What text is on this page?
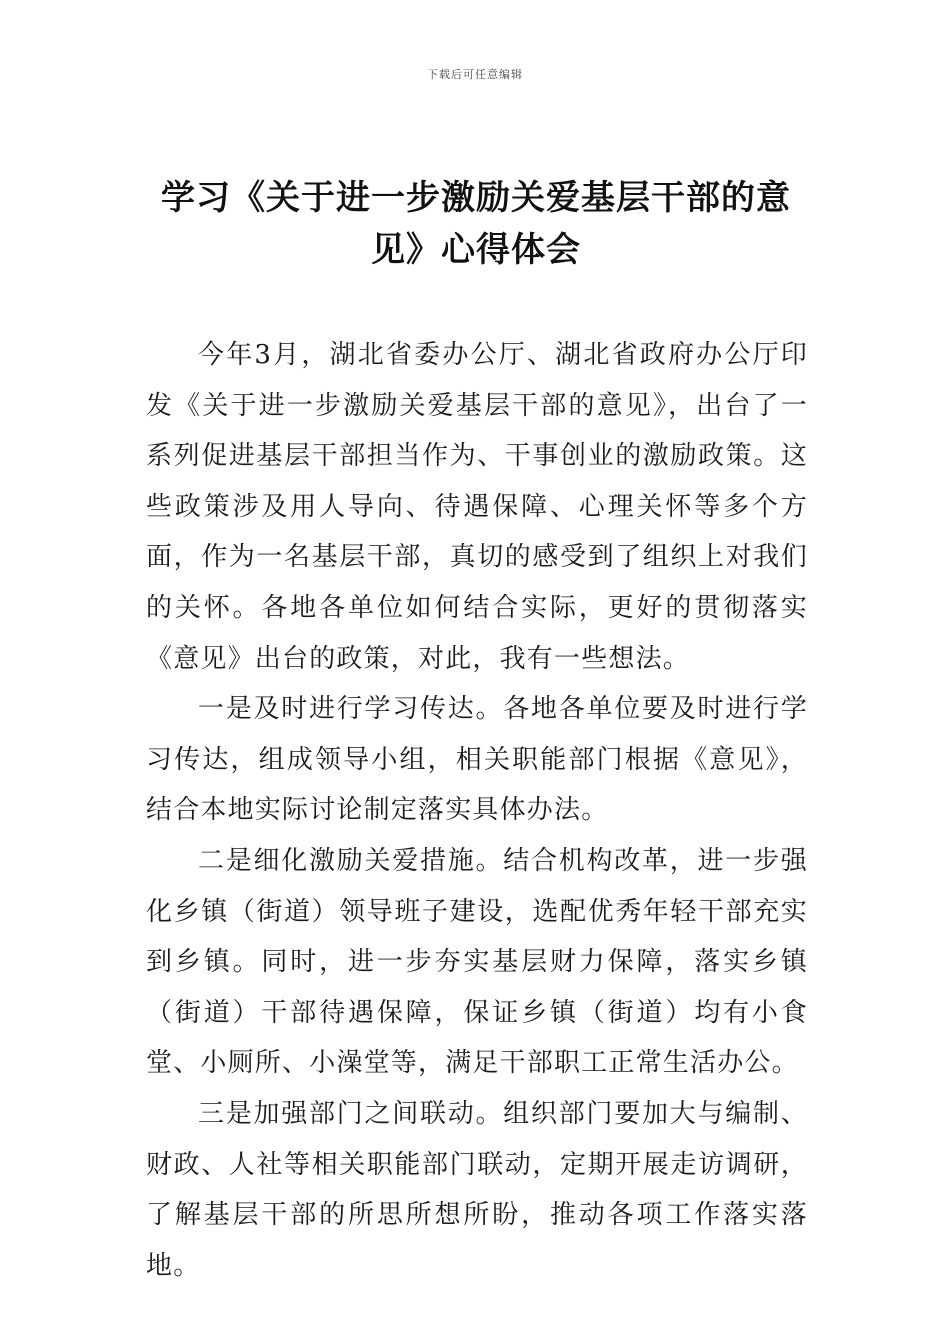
下载后可任意编辑
学习《关于进一步激励关爱基层干部的意见》心得体会

今年3月，湖北省委办公厅、湖北省政府办公厅印发《关于进一步激励关爱基层干部的意见》，出台了一系列促进基层干部担当作为、干事创业的激励政策。这些政策涉及用人导向、待遇保障、心理关怀等多个方面，作为一名基层干部，真切的感受到了组织上对我们的关怀。各地各单位如何结合实际，更好的贯彻落实《意见》出台的政策，对此，我有一些想法。

一是及时进行学习传达。各地各单位要及时进行学习传达，组成领导小组，相关职能部门根据《意见》，结合本地实际讨论制定落实具体办法。

二是细化激励关爱措施。结合机构改革，进一步强化乡镇（街道）领导班子建设，选配优秀年轻干部充实到乡镇。同时，进一步夯实基层财力保障，落实乡镇（街道）干部待遇保障，保证乡镇（街道）均有小食堂、小厕所、小澡堂等，满足干部职工正常生活办公。

三是加强部门之间联动。组织部门要加大与编制、财政、人社等相关职能部门联动，定期开展走访调研，了解基层干部的所思所想所盼，推动各项工作落实落地。
